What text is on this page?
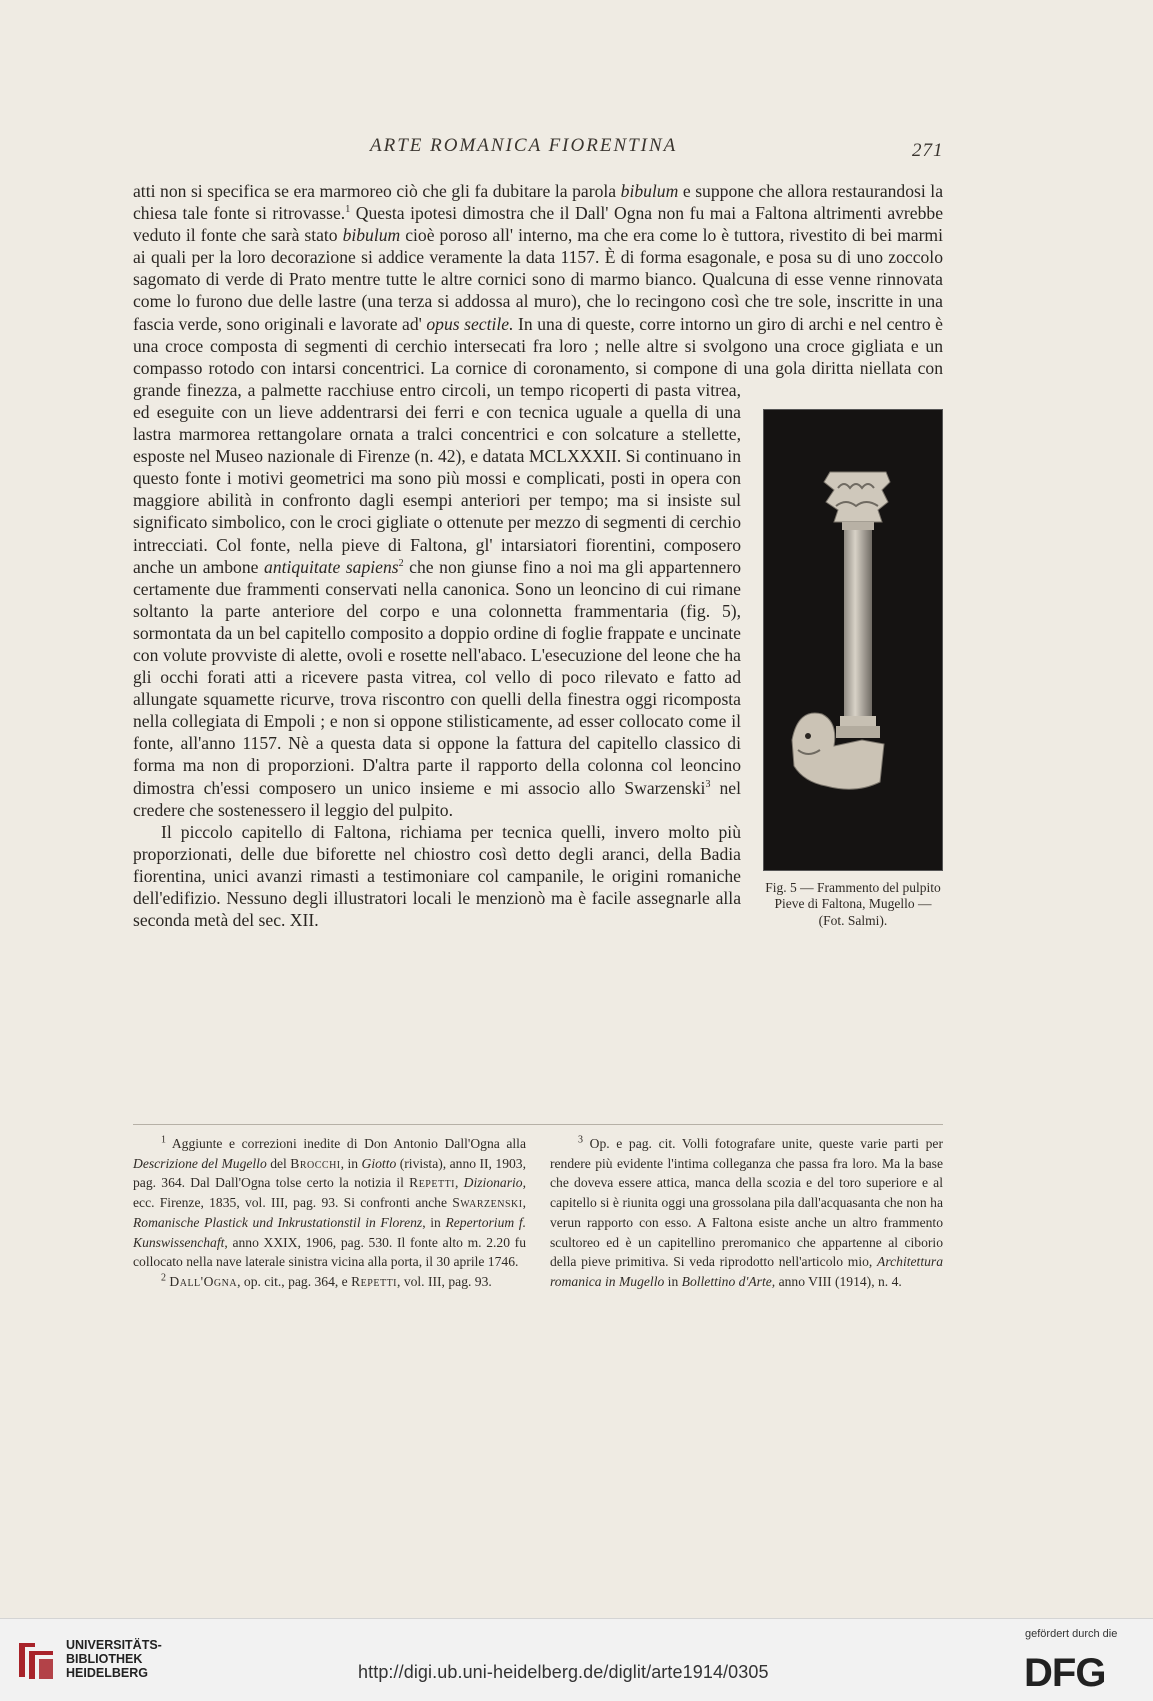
ARTE ROMANICA FIORENTINA	271

atti non si specifica se era marmoreo ciò che gli fa dubitare la parola bibulum e suppone che allora restaurandosi la chiesa tale fonte si ritrovasse.$^1$ Questa ipotesi dimostra che il Dall' Ogna non fu mai a Faltona altrimenti avrebbe veduto il fonte che sarà stato bibulum cioè poroso all' interno, ma che era come lo è tuttora, rivestito di bei marmi ai quali per la loro decorazione si addice veramente la data 1157. È di forma esagonale, e posa su di uno zoccolo sagomato di verde di Prato mentre tutte le altre cornici sono di marmo bianco. Qualcuna di esse venne rinnovata come lo furono due delle lastre (una terza si addossa al muro), che lo recingono così che tre sole, inscritte in una fascia verde, sono originali e lavorate ad' opus sectile. In una di queste, corre intorno un giro di archi e nel centro è una croce composta di segmenti di cerchio intersecati fra loro ; nelle altre si svolgono una croce gigliata e un compasso rotodo con intarsi concentrici. La cornice di coronamento, si compone di una
Fig. 5 — Frammento del pulpito Pieve di Faltona, Mugello — (Fot. Salmi).
gola diritta niellata con grande finezza, a palmette racchiuse entro circoli, un tempo ricoperti di pasta vitrea, ed eseguite con un lieve addentrarsi dei ferri e con tecnica uguale a quella di una lastra marmorea rettangolare ornata a tralci concentrici e con solcature a stellette, esposte nel Museo nazionale di Firenze (n. 42), e datata MCLXXXII. Si continuano in questo fonte i motivi geometrici ma sono più mossi e complicati, posti in opera con maggiore abilità in confronto dagli esempi anteriori per tempo; ma si insiste sul significato simbolico, con le croci gigliate o ottenute per mezzo di segmenti di cerchio intrecciati. Col fonte, nella pieve di Faltona, gl' intarsiatori fiorentini, composero anche un ambone antiquitate sapiens$^2$ che non giunse fino a noi ma gli appartennero certamente due frammenti conservati nella canonica. Sono un leoncino di cui rimane soltanto la parte anteriore del corpo e una colonnetta frammentaria (fig. 5), sormontata da un bel capitello composito a doppio ordine di foglie frappate e uncinate con volute provviste di alette, ovoli e rosette nell'abaco. L'esecuzione del leone che ha gli occhi forati atti a ricevere pasta vitrea, col vello di poco rilevato e fatto ad allungate squamette ricurve, trova riscontro con quelli della finestra oggi ricomposta nella collegiata di Empoli ; e non si oppone stilisticamente, ad esser collocato come il fonte, all'anno 1157. Nè a questa data si oppone la fattura del capitello classico di forma ma non di proporzioni. D'altra parte il rapporto della colonna col leoncino dimostra ch'essi composero un unico insieme e mi associo allo Swarzenski$^3$ nel credere che sostenessero il leggio del pulpito.

Il piccolo capitello di Faltona, richiama per tecnica quelli, invero molto più proporzionati, delle due biforette nel chiostro così detto degli aranci, della Badia fiorentina, unici avanzi rimasti a testimoniare col campanile, le origini romaniche dell'edifizio. Nessuno degli illustratori locali le menzionò ma è facile assegnarle alla seconda metà del sec. XII.

$^1$ Aggiunte e correzioni inedite di Don Antonio Dall'Ogna alla Descrizione del Mugello del Brocchi, in Giotto (rivista), anno II, 1903, pag. 364. Dal Dall'Ogna tolse certo la notizia il Repetti, Dizionario, ecc. Firenze, 1835, vol. III, pag. 93. Si confronti anche Swarzenski, Romanische Plastick und Inkrustationstil in Florenz, in Repertorium f. Kunswissenchaft, anno XXIX, 1906, pag. 530. Il fonte alto m. 2.20 fu collocato nella nave laterale sinistra vicina alla porta, il 30 aprile 1746.

$^2$ Dall'Ogna, op. cit., pag. 364, e Repetti, vol. III, pag. 93.

$^3$ Op. e pag. cit. Volli fotografare unite, queste varie parti per rendere più evidente l'intima colleganza che passa fra loro. Ma la base che doveva essere attica, manca della scozia e del toro superiore e al capitello si è riunita oggi una grossolana pila dall'acquasanta che non ha verun rapporto con esso. A Faltona esiste anche un altro frammento scultoreo ed è un capitellino preromanico che appartenne al ciborio della pieve primitiva. Si veda riprodotto nell'articolo mio, Architettura romanica in Mugello in Bollettino d'Arte, anno VIII (1914), n. 4.

UNIVERSITÄTS-
BIBLIOTHEK
HEIDELBERG	http://digi.ub.uni-heidelberg.de/diglit/arte1914/0305
gefördert durch die
DFG
